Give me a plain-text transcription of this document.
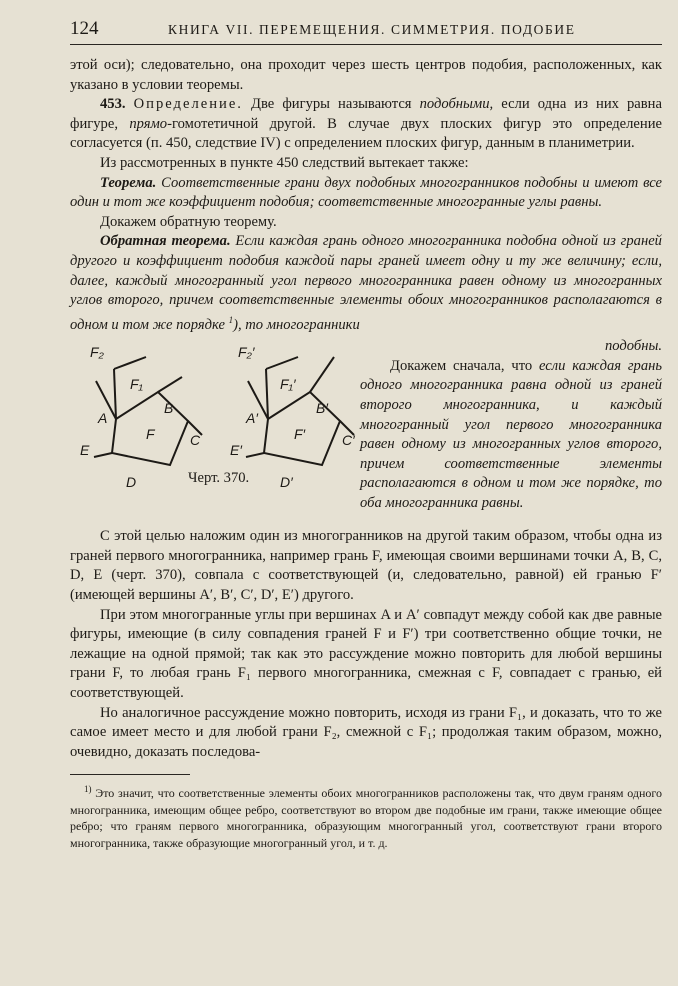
124	КНИГА VII. ПЕРЕМЕЩЕНИЯ. СИММЕТРИЯ. ПОДОБИЕ

этой оси); следовательно, она проходит через шесть центров подобия, расположенных, как указано в условии теоремы.

453. Определение. Две фигуры называются подобными, если одна из них равна фигуре, прямо-гомотетичной другой. В случае двух плоских фигур это определение согласуется (п. 450, следствие IV) с определением плоских фигур, данным в планиметрии.

Из рассмотренных в пункте 450 следствий вытекает также:

Теорема. Соответственные грани двух подобных многогранников подобны и имеют все один и тот же коэффициент подобия; соответственные многогранные углы равны.

Докажем обратную теорему.

Обратная теорема. Если каждая грань одного многогранника подобна одной из граней другого и коэффициент подобия каждой пары граней имеет одну и ту же величину; если, далее, каждый многогранный угол первого многогранника равен одному из многогранных углов второго, причем соответственные элементы обоих многогранников располагаются в одном и том же порядке $^1$), то многогранники

F₂
F₁
A
B
E
F	C
D
F₂′
F₁′
A′
B′
E′
F′	C′
D′
Черт. 370.

подобны.

Докажем сначала, что если каждая грань одного многогранника равна одной из граней второго многогранника, и каждый многогранный угол первого многогранника равен одному из многогранных углов второго, причем соответственные элементы располагаются в одном и том же порядке, то оба многогранника равны.

С этой целью наложим один из многогранников на другой таким образом, чтобы одна из граней первого многогранника, например грань F, имеющая своими вершинами точки A, B, C, D, E (черт. 370), совпала с соответствующей (и, следовательно, равной) ей гранью F′ (имеющей вершины A′, B′, C′, D′, E′) другого.

При этом многогранные углы при вершинах A и A′ совпадут между собой как две равные фигуры, имеющие (в силу совпадения граней F и F′) три соответственно общие точки, не лежащие на одной прямой; так как это рассуждение можно повторить для любой вершины грани F, то любая грань F₁ первого многогранника, смежная с F, совпадает с гранью, ей соответствующей.

Но аналогичное рассуждение можно повторить, исходя из грани F₁, и доказать, что то же самое имеет место и для любой грани F₂, смежной с F₁; продолжая таким образом, можно, очевидно, доказать последова-

$^{1)}$ Это значит, что соответственные элементы обоих многогранников расположены так, что двум граням одного многогранника, имеющим общее ребро, соответствуют во втором две подобные им грани, также имеющие общее ребро; что граням первого многогранника, образующим многогранный угол, соответствуют грани второго многогранника, также образующие многогранный угол, и т. д.
